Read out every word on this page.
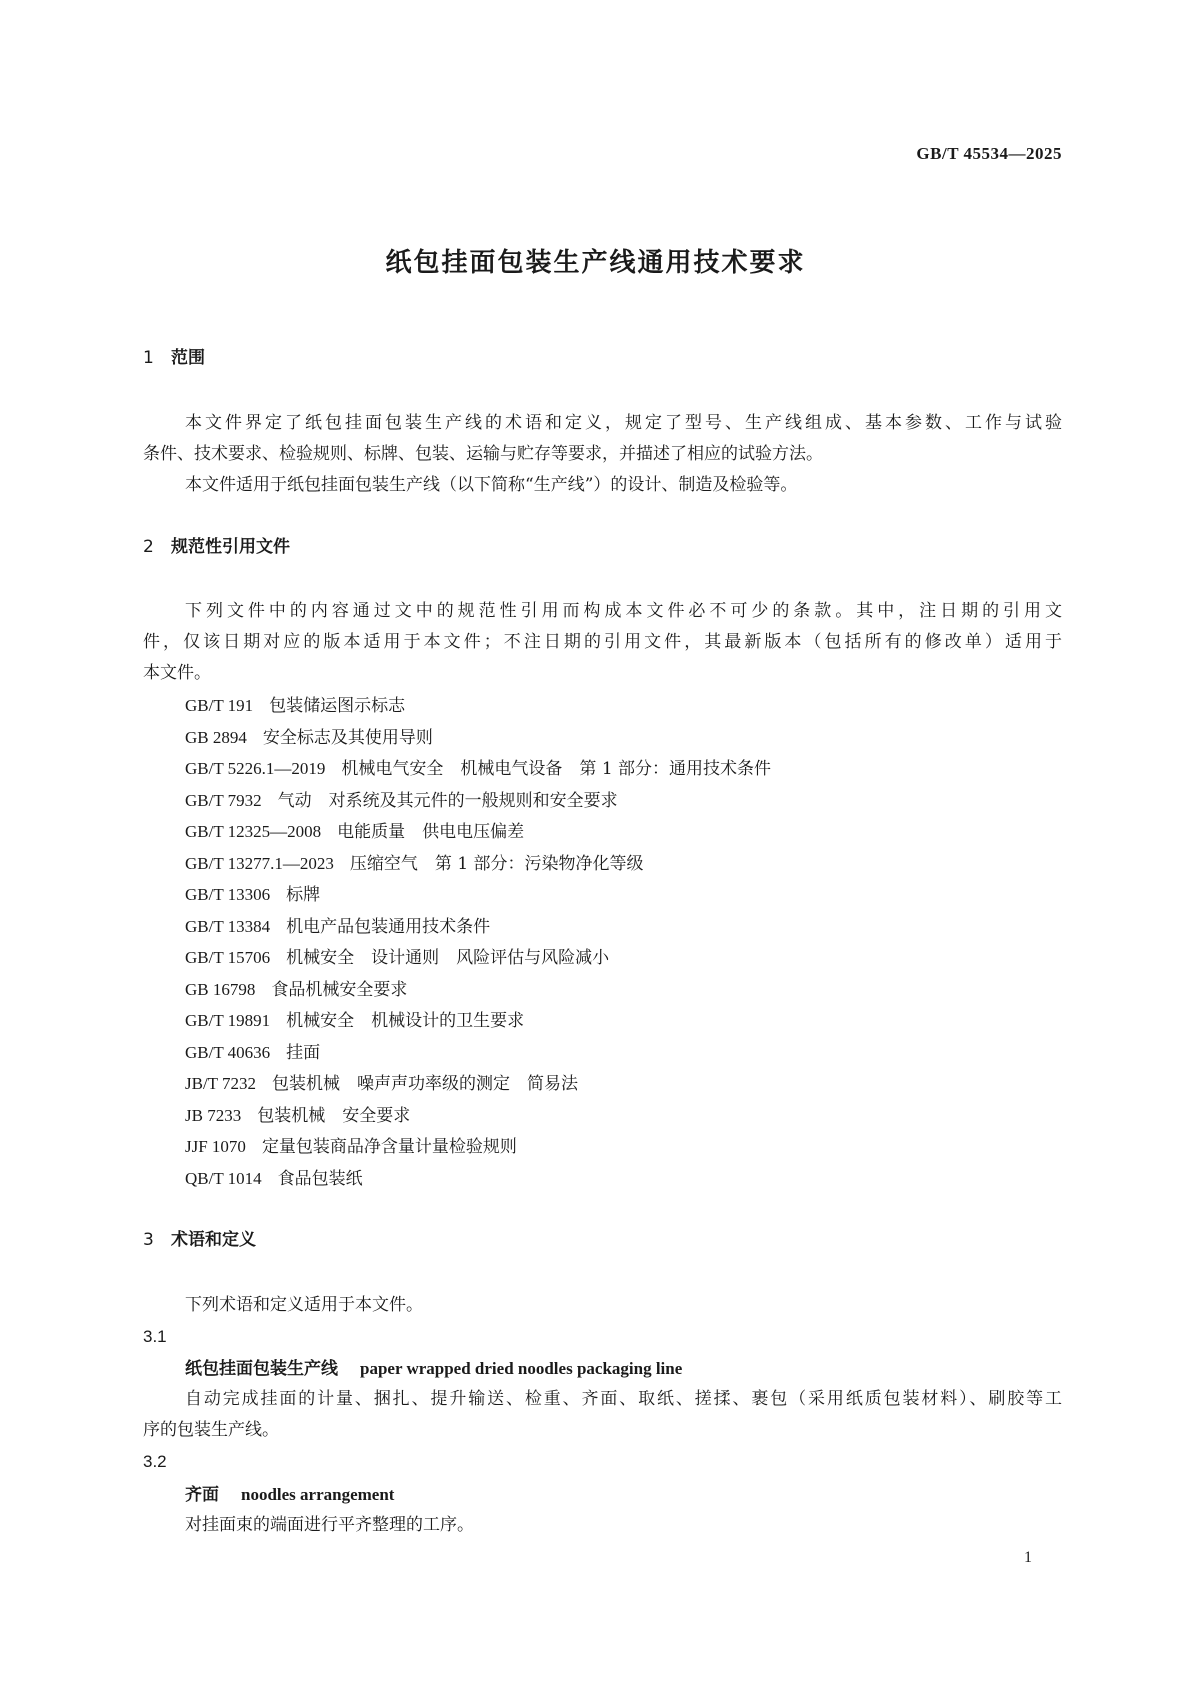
GB/T 45534—2025
纸包挂面包装生产线通用技术要求
1 范围
本文件界定了纸包挂面包装生产线的术语和定义，规定了型号、生产线组成、基本参数、工作与试验
条件、技术要求、检验规则、标牌、包装、运输与贮存等要求，并描述了相应的试验方法。
本文件适用于纸包挂面包装生产线（以下简称“生产线”）的设计、制造及检验等。
2 规范性引用文件
下列文件中的内容通过文中的规范性引用而构成本文件必不可少的条款。其中，注日期的引用文
件，仅该日期对应的版本适用于本文件；不注日期的引用文件，其最新版本（包括所有的修改单）适用于
本文件。
GB/T 191 包装储运图示标志
GB 2894 安全标志及其使用导则
GB/T 5226.1—2019 机械电气安全　机械电气设备　第 1 部分：通用技术条件
GB/T 7932 气动　对系统及其元件的一般规则和安全要求
GB/T 12325—2008 电能质量　供电电压偏差
GB/T 13277.1—2023 压缩空气　第 1 部分：污染物净化等级
GB/T 13306 标牌
GB/T 13384 机电产品包装通用技术条件
GB/T 15706 机械安全　设计通则　风险评估与风险减小
GB 16798 食品机械安全要求
GB/T 19891 机械安全　机械设计的卫生要求
GB/T 40636 挂面
JB/T 7232 包装机械　噪声声功率级的测定　简易法
JB 7233 包装机械　安全要求
JJF 1070 定量包装商品净含量计量检验规则
QB/T 1014 食品包装纸
3 术语和定义
下列术语和定义适用于本文件。
3.1
纸包挂面包装生产线 paper wrapped dried noodles packaging line
自动完成挂面的计量、捆扎、提升输送、检重、齐面、取纸、搓揉、裹包（采用纸质包装材料）、刷胶等工
序的包装生产线。
3.2
齐面 noodles arrangement
对挂面束的端面进行平齐整理的工序。
1
